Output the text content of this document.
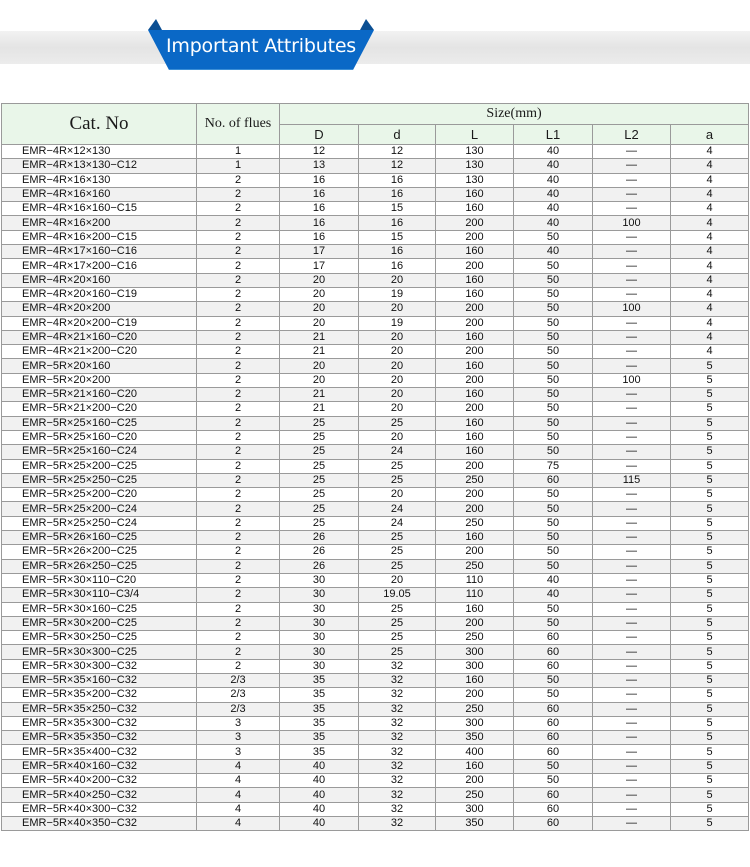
Important Attributes
Cat. No	No. of flues	Size(mm)					
		D	d	L	L1	L2	a
EMR−4R×12×130	1	12	12	130	40	—	4
EMR−4R×13×130−C12	1	13	12	130	40	—	4
EMR−4R×16×130	2	16	16	130	40	—	4
EMR−4R×16×160	2	16	16	160	40	—	4
EMR−4R×16×160−C15	2	16	15	160	40	—	4
EMR−4R×16×200	2	16	16	200	40	100	4
EMR−4R×16×200−C15	2	16	15	200	50	—	4
EMR−4R×17×160−C16	2	17	16	160	40	—	4
EMR−4R×17×200−C16	2	17	16	200	50	—	4
EMR−4R×20×160	2	20	20	160	50	—	4
EMR−4R×20×160−C19	2	20	19	160	50	—	4
EMR−4R×20×200	2	20	20	200	50	100	4
EMR−4R×20×200−C19	2	20	19	200	50	—	4
EMR−4R×21×160−C20	2	21	20	160	50	—	4
EMR−4R×21×200−C20	2	21	20	200	50	—	4
EMR−5R×20×160	2	20	20	160	50	—	5
EMR−5R×20×200	2	20	20	200	50	100	5
EMR−5R×21×160−C20	2	21	20	160	50	—	5
EMR−5R×21×200−C20	2	21	20	200	50	—	5
EMR−5R×25×160−C25	2	25	25	160	50	—	5
EMR−5R×25×160−C20	2	25	20	160	50	—	5
EMR−5R×25×160−C24	2	25	24	160	50	—	5
EMR−5R×25×200−C25	2	25	25	200	75	—	5
EMR−5R×25×250−C25	2	25	25	250	60	115	5
EMR−5R×25×200−C20	2	25	20	200	50	—	5
EMR−5R×25×200−C24	2	25	24	200	50	—	5
EMR−5R×25×250−C24	2	25	24	250	50	—	5
EMR−5R×26×160−C25	2	26	25	160	50	—	5
EMR−5R×26×200−C25	2	26	25	200	50	—	5
EMR−5R×26×250−C25	2	26	25	250	50	—	5
EMR−5R×30×110−C20	2	30	20	110	40	—	5
EMR−5R×30×110−C3/4	2	30	19.05	110	40	—	5
EMR−5R×30×160−C25	2	30	25	160	50	—	5
EMR−5R×30×200−C25	2	30	25	200	50	—	5
EMR−5R×30×250−C25	2	30	25	250	60	—	5
EMR−5R×30×300−C25	2	30	25	300	60	—	5
EMR−5R×30×300−C32	2	30	32	300	60	—	5
EMR−5R×35×160−C32	2/3	35	32	160	50	—	5
EMR−5R×35×200−C32	2/3	35	32	200	50	—	5
EMR−5R×35×250−C32	2/3	35	32	250	60	—	5
EMR−5R×35×300−C32	3	35	32	300	60	—	5
EMR−5R×35×350−C32	3	35	32	350	60	—	5
EMR−5R×35×400−C32	3	35	32	400	60	—	5
EMR−5R×40×160−C32	4	40	32	160	50	—	5
EMR−5R×40×200−C32	4	40	32	200	50	—	5
EMR−5R×40×250−C32	4	40	32	250	60	—	5
EMR−5R×40×300−C32	4	40	32	300	60	—	5
EMR−5R×40×350−C32	4	40	32	350	60	—	5
